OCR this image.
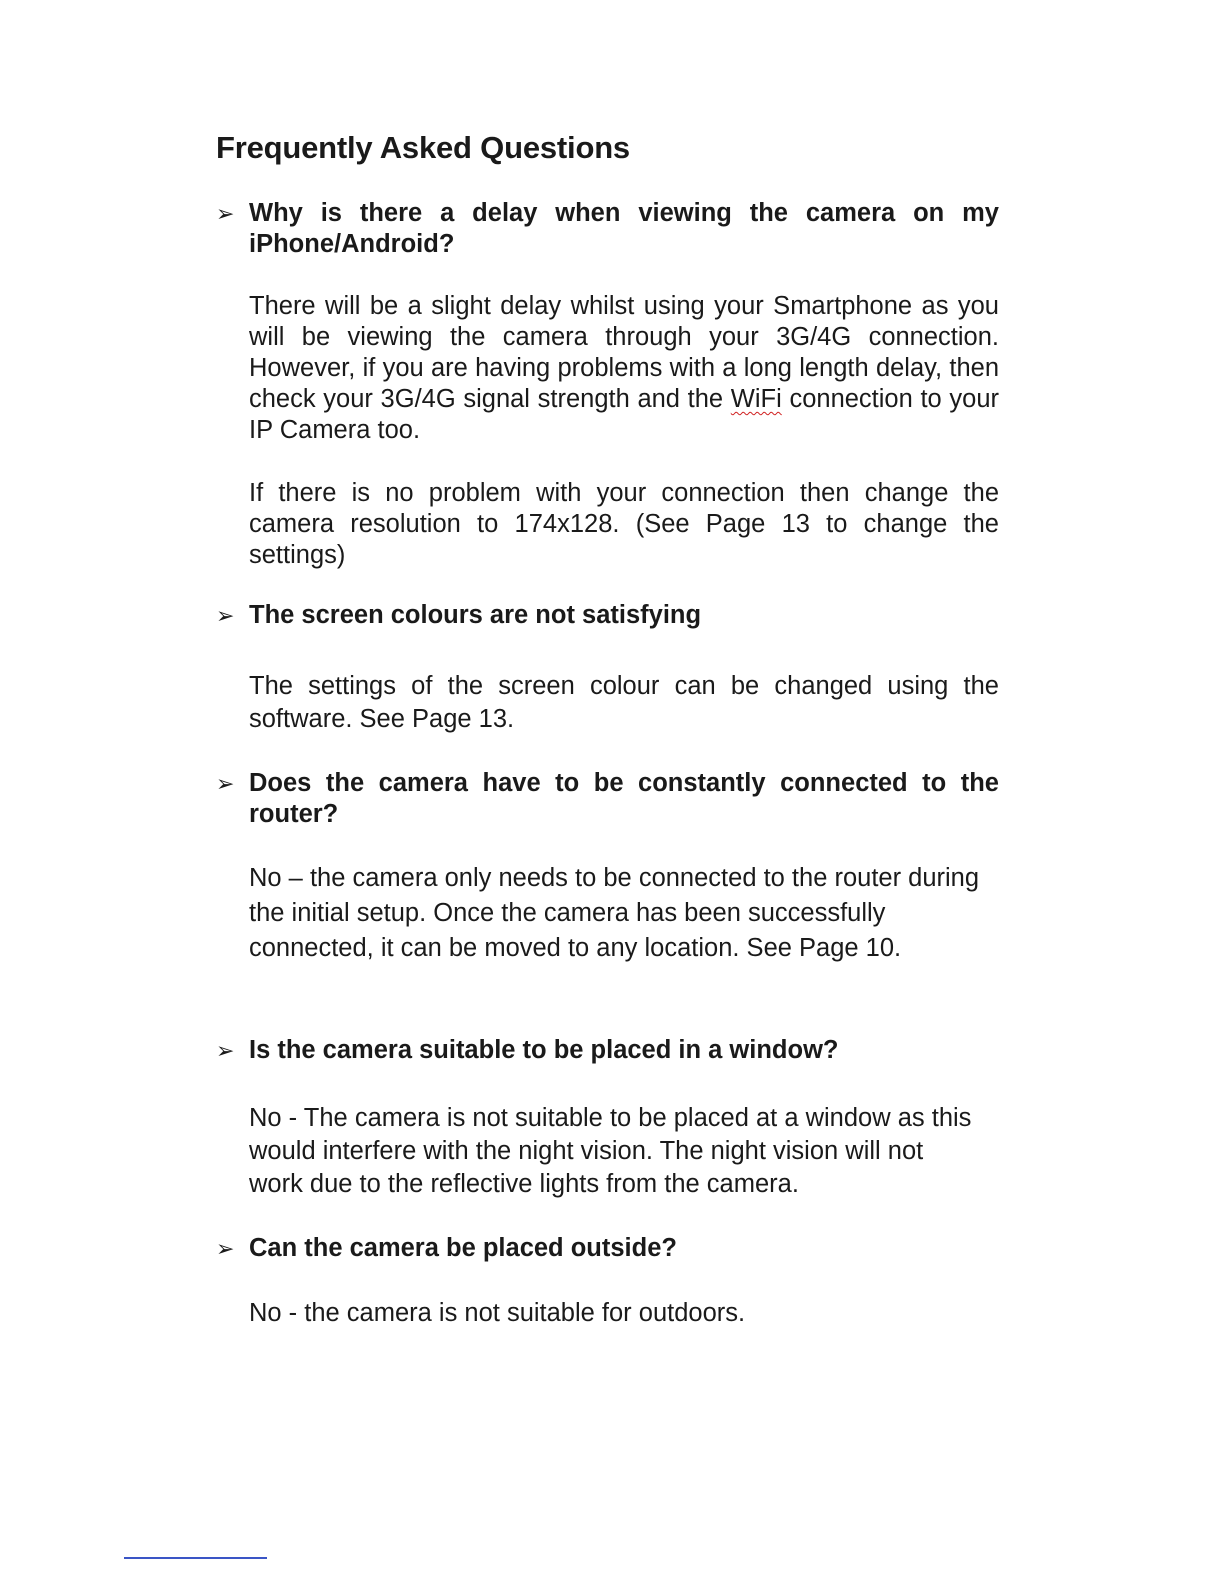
Frequently Asked Questions
➢ Why is there a delay when viewing the camera on my iPhone/Android?

There will be a slight delay whilst using your Smartphone as you will be viewing the camera through your 3G/4G connection. However, if you are having problems with a long length delay, then check your 3G/4G signal strength and the WiFi connection to your IP Camera too.

If there is no problem with your connection then change the camera resolution to 174x128. (See Page 13 to change the settings)

➢ The screen colours are not satisfying

The settings of the screen colour can be changed using the software. See Page 13.

➢ Does the camera have to be constantly connected to the router?

No – the camera only needs to be connected to the router during the initial setup. Once the camera has been successfully connected, it can be moved to any location. See Page 10.

➢ Is the camera suitable to be placed in a window?

No - The camera is not suitable to be placed at a window as this would interfere with the night vision. The night vision will not work due to the reflective lights from the camera.

➢ Can the camera be placed outside?

No - the camera is not suitable for outdoors.
